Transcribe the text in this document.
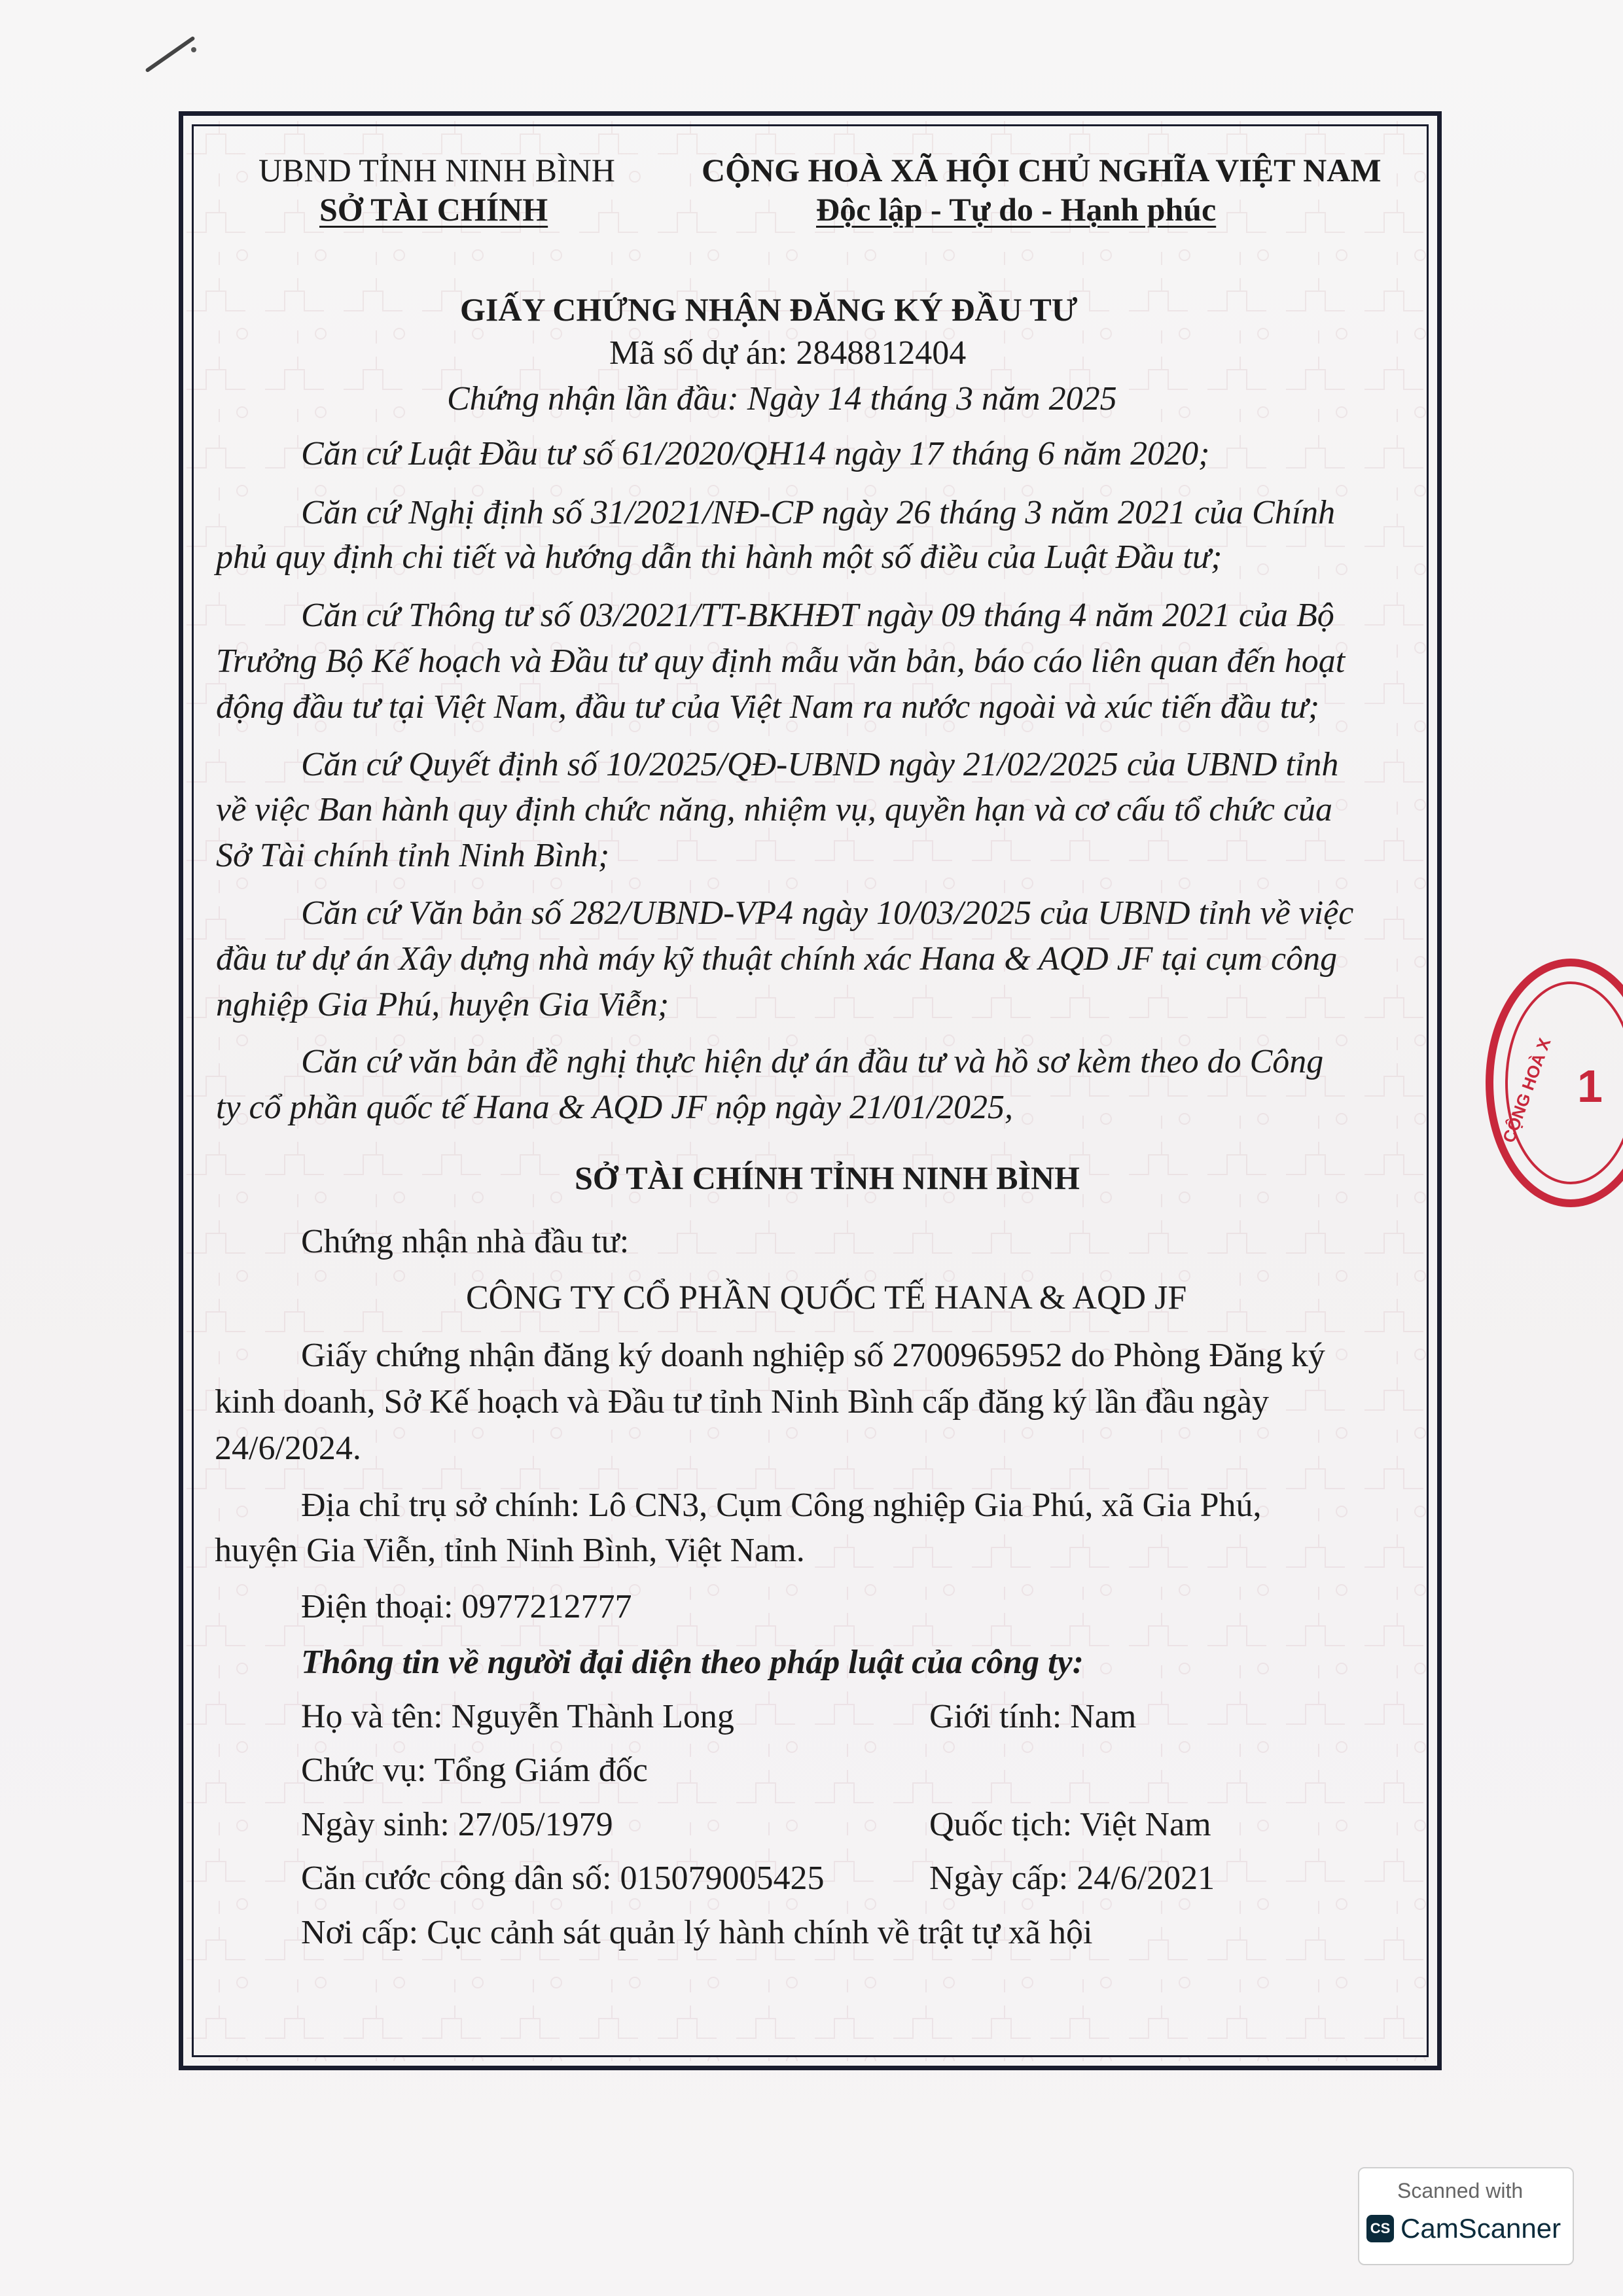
UBND TỈNH NINH BÌNH
SỞ TÀI CHÍNH
CỘNG HOÀ XÃ HỘI CHỦ NGHĨA VIỆT NAM
Độc lập - Tự do - Hạnh phúc
GIẤY CHỨNG NHẬN ĐĂNG KÝ ĐẦU TƯ
Mã số dự án: 2848812404
Chứng nhận lần đầu: Ngày 14 tháng 3 năm 2025
Căn cứ Luật Đầu tư số 61/2020/QH14 ngày 17 tháng 6 năm 2020;
Căn cứ Nghị định số 31/2021/NĐ-CP ngày 26 tháng 3 năm 2021 của Chính
phủ quy định chi tiết và hướng dẫn thi hành một số điều của Luật Đầu tư;
Căn cứ Thông tư số 03/2021/TT-BKHĐT ngày 09 tháng 4 năm 2021 của Bộ
Trưởng Bộ Kế hoạch và Đầu tư quy định mẫu văn bản, báo cáo liên quan đến hoạt
động đầu tư tại Việt Nam, đầu tư của Việt Nam ra nước ngoài và xúc tiến đầu tư;
Căn cứ Quyết định số 10/2025/QĐ-UBND ngày 21/02/2025 của UBND tỉnh
về việc Ban hành quy định chức năng, nhiệm vụ, quyền hạn và cơ cấu tổ chức của
Sở Tài chính tỉnh Ninh Bình;
Căn cứ Văn bản số 282/UBND-VP4 ngày 10/03/2025 của UBND tỉnh về việc
đầu tư dự án Xây dựng nhà máy kỹ thuật chính xác Hana & AQD JF tại cụm công
nghiệp Gia Phú, huyện Gia Viễn;
Căn cứ văn bản đề nghị thực hiện dự án đầu tư và hồ sơ kèm theo do Công
ty cổ phần quốc tế Hana & AQD JF nộp ngày 21/01/2025,
SỞ TÀI CHÍNH TỈNH NINH BÌNH
Chứng nhận nhà đầu tư:
CÔNG TY CỔ PHẦN QUỐC TẾ HANA & AQD JF
Giấy chứng nhận đăng ký doanh nghiệp số 2700965952 do Phòng Đăng ký
kinh doanh, Sở Kế hoạch và Đầu tư tỉnh Ninh Bình cấp đăng ký lần đầu ngày
24/6/2024.
Địa chỉ trụ sở chính: Lô CN3, Cụm Công nghiệp Gia Phú, xã Gia Phú,
huyện Gia Viễn, tỉnh Ninh Bình, Việt Nam.
Điện thoại: 0977212777
Thông tin về người đại diện theo pháp luật của công ty:
Họ và tên: Nguyễn Thành Long	Giới tính: Nam
Chức vụ: Tổng Giám đốc
Ngày sinh: 27/05/1979	Quốc tịch: Việt Nam
Căn cước công dân số: 015079005425	Ngày cấp: 24/6/2021
Nơi cấp: Cục cảnh sát quản lý hành chính về trật tự xã hội
CỘNG HOÀ X 1
Scanned with
CS CamScanner
